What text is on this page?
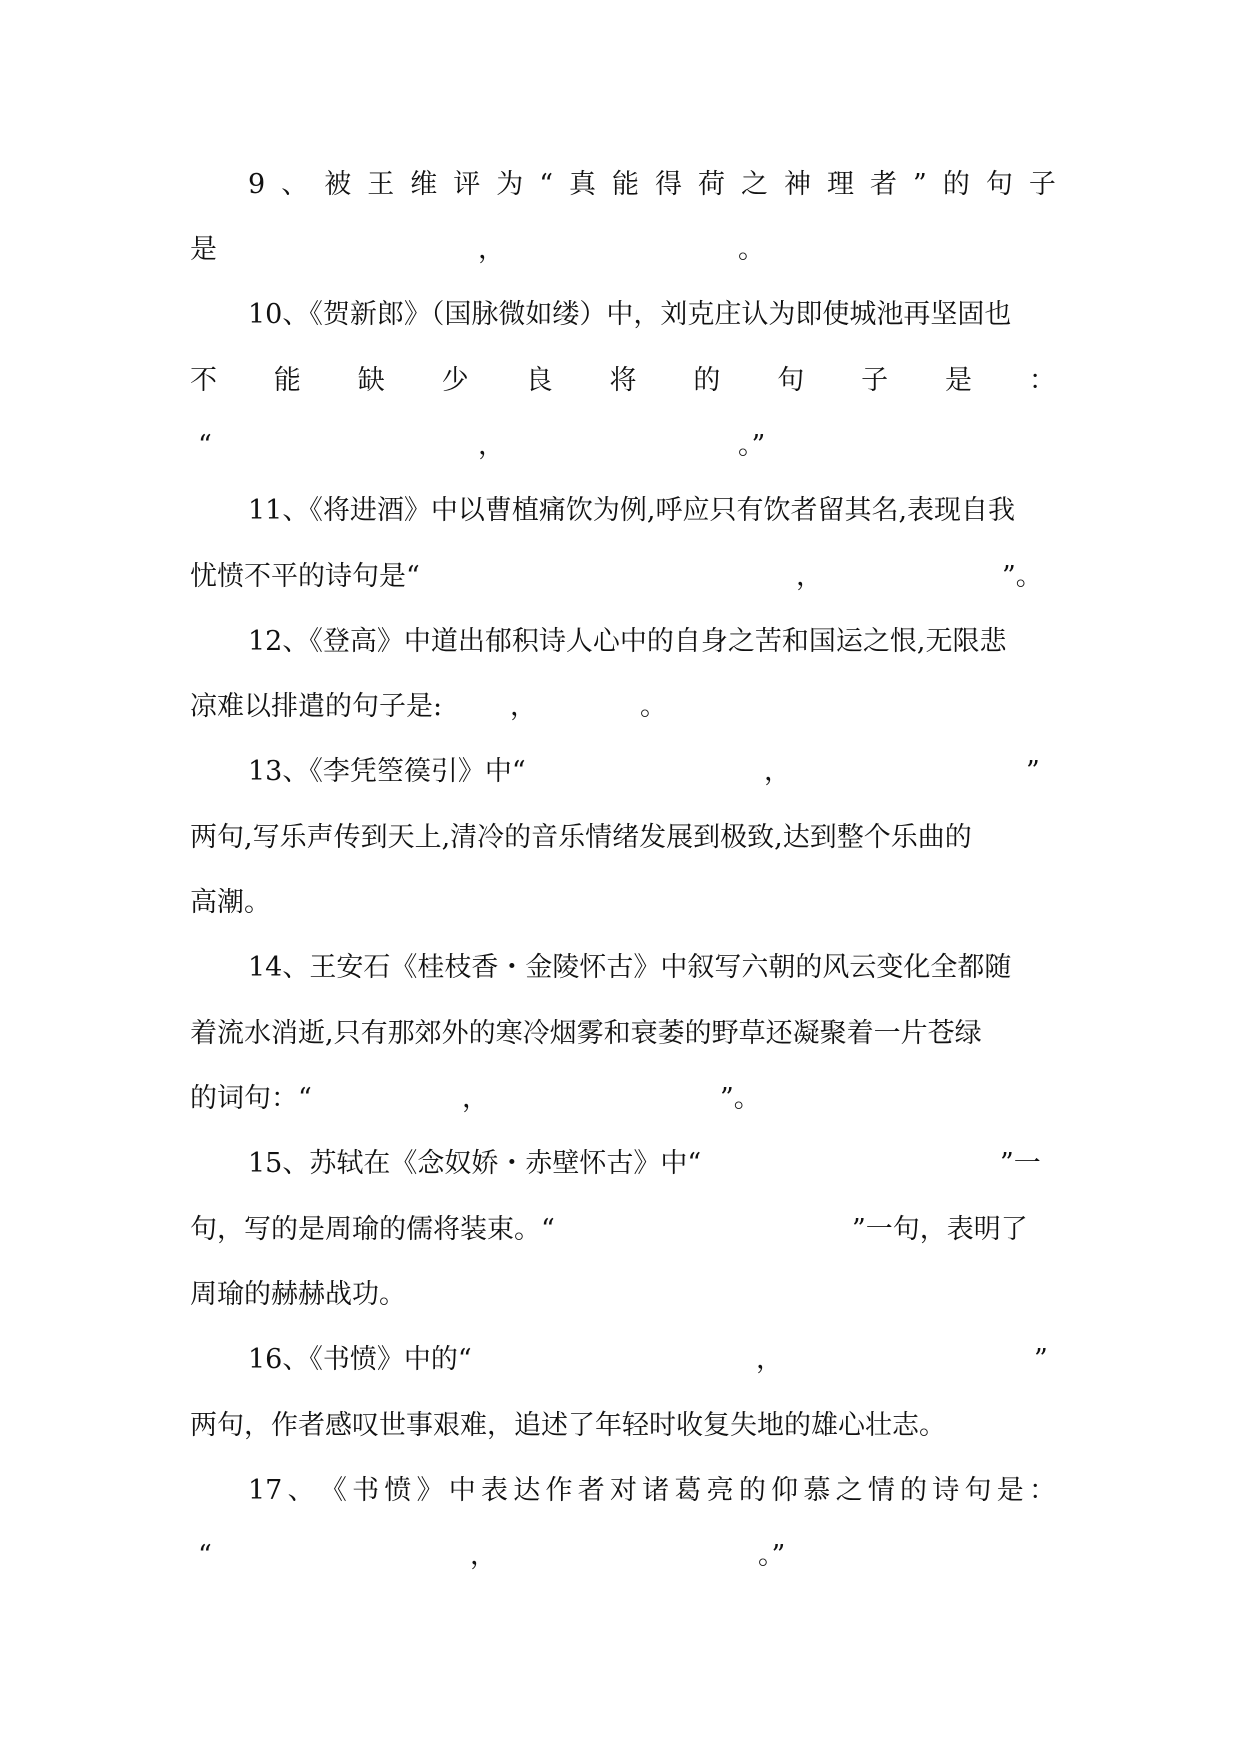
9 、 被 王 维 评 为 “ 真 能 得 荷 之 神 理 者 ” 的 句 子
是	，	。
10、《贺新郎》（国脉微如缕）中，刘克庄认为即使城池再坚固也
不 能 缺 少 良 将 的 句 子 是 ：
“	，	。”
11、《将进酒》中以曹植痛饮为例,呼应只有饮者留其名,表现自我
忧愤不平的诗句是“	，	”。
12、《登高》中道出郁积诗人心中的自身之苦和国运之恨,无限悲
凉难以排遣的句子是:	，	。
13、《李凭箜篌引》中“	，	”
两句,写乐声传到天上,清冷的音乐情绪发展到极致,达到整个乐曲的
高潮。
14、王安石《桂枝香・金陵怀古》中叙写六朝的风云变化全都随
着流水消逝,只有那郊外的寒冷烟雾和衰萎的野草还凝聚着一片苍绿
的词句：“	，	”。
15、苏轼在《念奴娇・赤壁怀古》中“	”一
句，写的是周瑜的儒将装束。“	”一句，表明了
周瑜的赫赫战功。
16、《书愤》中的“	，	”
两句，作者感叹世事艰难，追述了年轻时收复失地的雄心壮志。
17 、 《 书 愤 》 中 表 达 作 者 对 诸 葛 亮 的 仰 慕 之 情 的 诗 句 是 ：
“	，	。”
